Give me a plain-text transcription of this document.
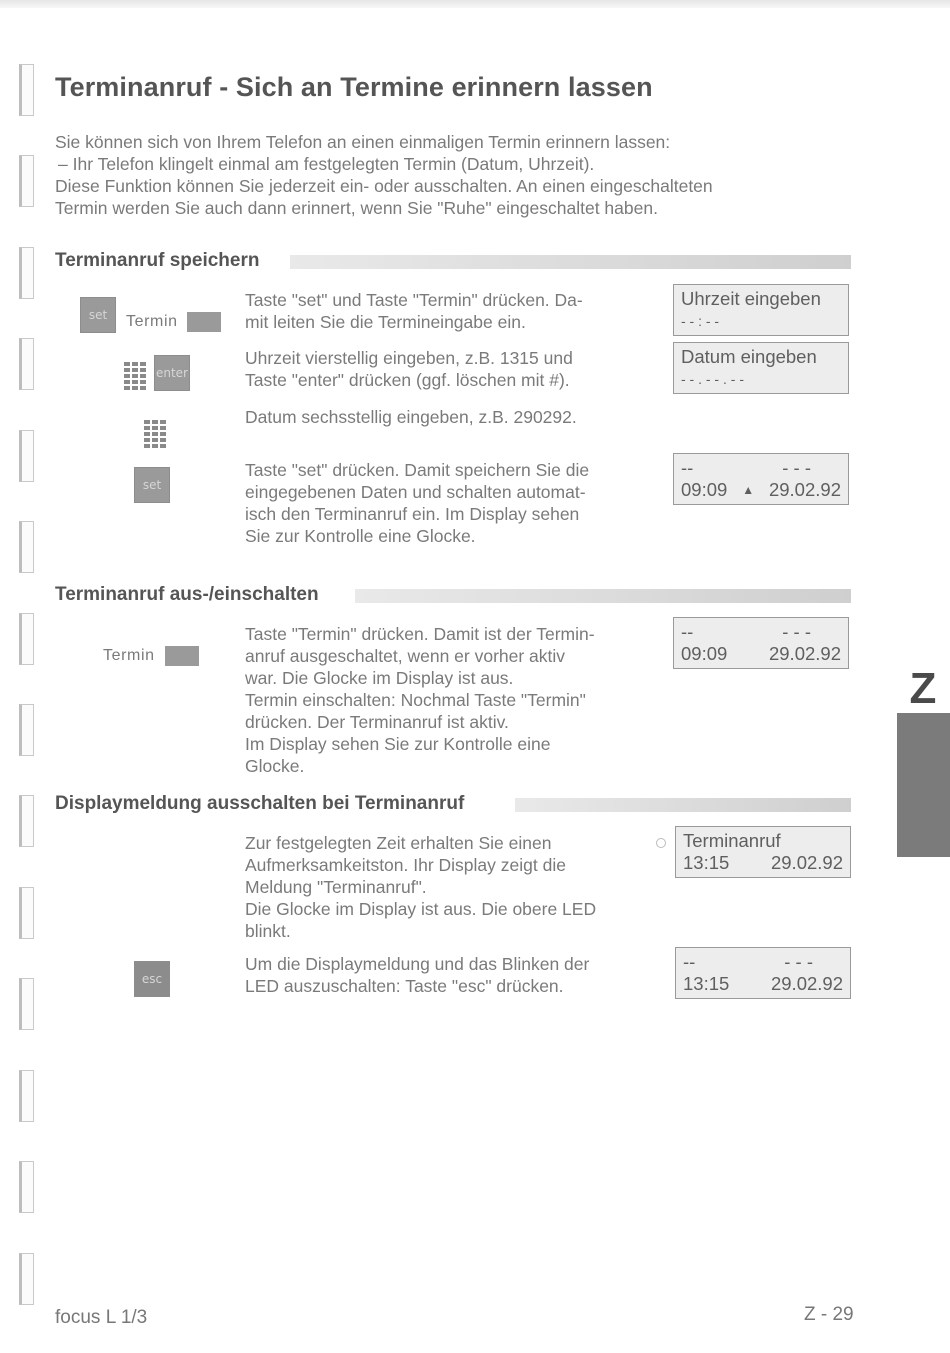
Terminanruf - Sich an Termine erinnern lassen

Sie können sich von Ihrem Telefon an einen einmaligen Termin erinnern lassen:

– Ihr Telefon klingelt einmal am festgelegten Termin (Datum, Uhrzeit).

Diese Funktion können Sie jederzeit ein- oder ausschalten. An einen eingeschalteten

Termin werden Sie auch dann erinnert, wenn Sie "Ruhe" eingeschaltet haben.

Terminanruf speichern
set	Termin

Taste "set" und Taste "Termin" drücken. Da-

mit leiten Sie die Termineingabe ein.

Uhrzeit eingeben
- - : - -
enter

Uhrzeit vierstellig eingeben, z.B. 1315 und

Taste "enter" drücken (ggf. löschen mit #).

Datum eingeben
- - . - - . - -

Datum sechsstellig eingeben, z.B. 290292.

set

Taste "set" drücken. Damit speichern Sie die

eingegebenen Daten und schalten automat-

isch den Terminanruf ein. Im Display sehen

Sie zur Kontrolle eine Glocke.

--	- - -
09:09 ▲ 29.02.92
Terminanruf aus-/einschalten
Termin

Taste "Termin" drücken. Damit ist der Termin-

anruf ausgeschaltet, wenn er vorher aktiv

war. Die Glocke im Display ist aus.

Termin einschalten: Nochmal Taste "Termin"

drücken. Der Terminanruf ist aktiv.

Im Display sehen Sie zur Kontrolle eine

Glocke.

--	- - -
09:09 29.02.92
Z
Displaymeldung ausschalten bei Terminanruf

Zur festgelegten Zeit erhalten Sie einen

Aufmerksamkeitston. Ihr Display zeigt die

Meldung "Terminanruf".

Die Glocke im Display ist aus. Die obere LED

blinkt.

Terminanruf
13:15 29.02.92
esc

Um die Displaymeldung und das Blinken der

LED auszuschalten: Taste "esc" drücken.

--	- - -
13:15 29.02.92
focus L 1/3	Z - 29
